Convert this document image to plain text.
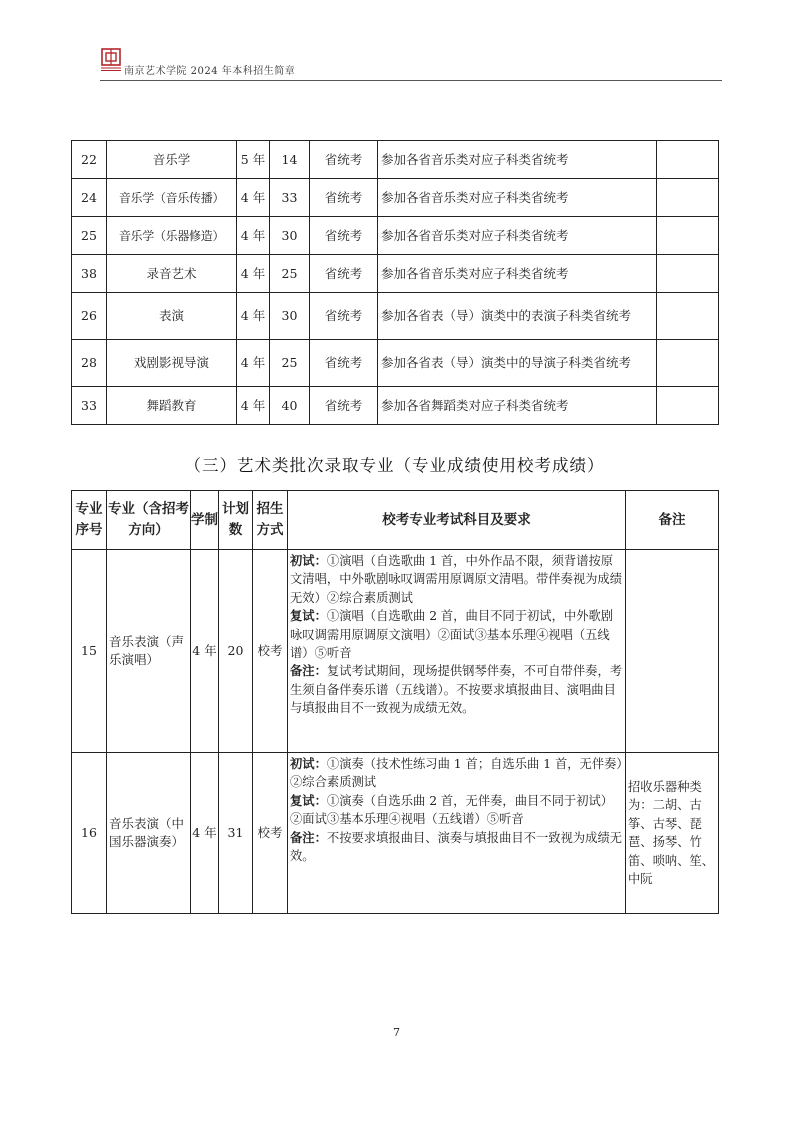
南京艺术学院 2024 年本科招生简章
22	音乐学	5 年	14	省统考	参加各省音乐类对应子科类省统考	
24	音乐学（音乐传播）	4 年	33	省统考	参加各省音乐类对应子科类省统考	
25	音乐学（乐器修造）	4 年	30	省统考	参加各省音乐类对应子科类省统考	
38	录音艺术	4 年	25	省统考	参加各省音乐类对应子科类省统考	
26	表演	4 年	30	省统考	参加各省表（导）演类中的表演子科类省统考	
28	戏剧影视导演	4 年	25	省统考	参加各省表（导）演类中的导演子科类省统考	
33	舞蹈教育	4 年	40	省统考	参加各省舞蹈类对应子科类省统考	
（三）艺术类批次录取专业（专业成绩使用校考成绩）
专业序号	专业（含招考方向）	学制	计划数	招生方式	校考专业考试科目及要求	备注
15	音乐表演（声乐演唱）	4 年	20	校考	初试：①演唱（自选歌曲 1 首，中外作品不限，须背谱按原文清唱，中外歌剧咏叹调需用原调原文清唱。带伴奏视为成绩无效）②综合素质测试
复试：①演唱（自选歌曲 2 首，曲目不同于初试，中外歌剧咏叹调需用原调原文演唱）②面试③基本乐理④视唱（五线谱）⑤听音
备注：复试考试期间，现场提供钢琴伴奏，不可自带伴奏，考生须自备伴奏乐谱（五线谱）。不按要求填报曲目、演唱曲目与填报曲目不一致视为成绩无效。	
16	音乐表演（中国乐器演奏）	4 年	31	校考	初试：①演奏（技术性练习曲 1 首；自选乐曲 1 首，无伴奏）②综合素质测试
复试：①演奏（自选乐曲 2 首，无伴奏，曲目不同于初试）②面试③基本乐理④视唱（五线谱）⑤听音
备注：不按要求填报曲目、演奏与填报曲目不一致视为成绩无效。	招收乐器种类为：二胡、古筝、古琴、琵琶、扬琴、竹笛、唢呐、笙、中阮
7
